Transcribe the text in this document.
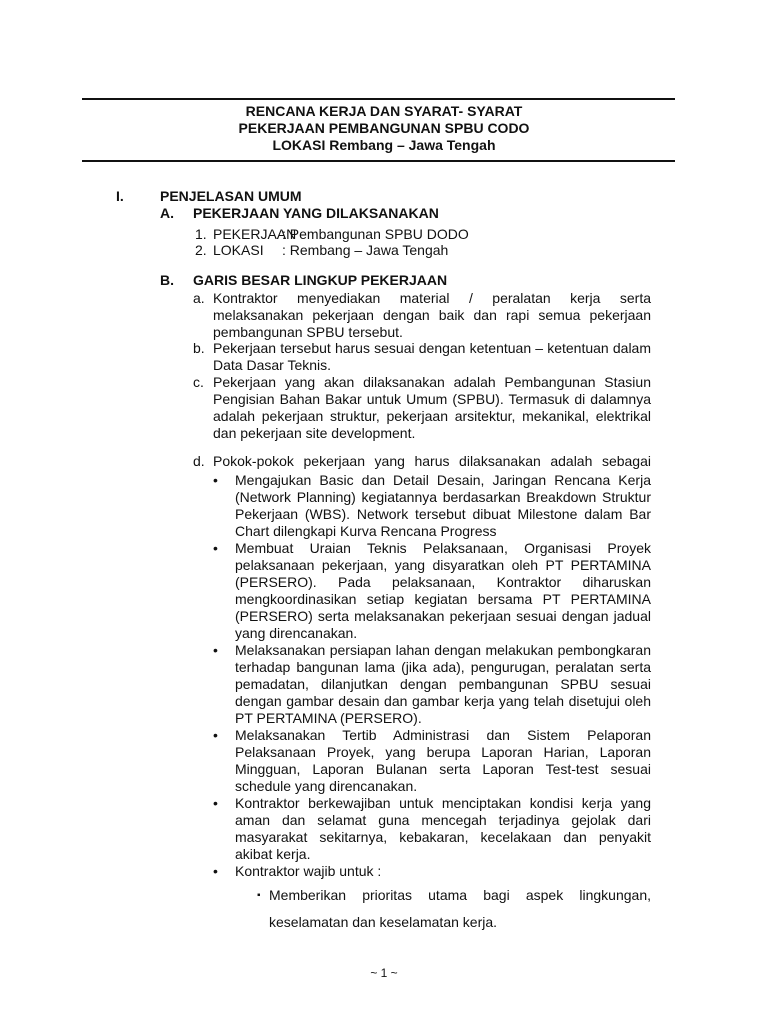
RENCANA KERJA DAN SYARAT- SYARAT
PEKERJAAN PEMBANGUNAN SPBU CODO
LOKASI Rembang – Jawa Tengah
I.	PENJELASAN UMUM
A. PEKERJAAN YANG DILAKSANAKAN
1. PEKERJAAN: Pembangunan SPBU DODO
2. LOKASI : Rembang – Jawa Tengah
B. GARIS BESAR LINGKUP PEKERJAAN
a. Kontraktor menyediakan material / peralatan kerja serta melaksanakan pekerjaan dengan baik dan rapi semua pekerjaan pembangunan SPBU tersebut.
b. Pekerjaan tersebut harus sesuai dengan ketentuan – ketentuan dalam Data Dasar Teknis.
c. Pekerjaan yang akan dilaksanakan adalah Pembangunan Stasiun Pengisian Bahan Bakar untuk Umum (SPBU). Termasuk di dalamnya adalah pekerjaan struktur, pekerjaan arsitektur, mekanikal, elektrikal dan pekerjaan site development.
d. Pokok-pokok pekerjaan yang harus dilaksanakan adalah sebagai
• Mengajukan Basic dan Detail Desain, Jaringan Rencana Kerja (Network Planning) kegiatannya berdasarkan Breakdown Struktur Pekerjaan (WBS). Network tersebut dibuat Milestone dalam Bar Chart dilengkapi Kurva Rencana Progress
• Membuat Uraian Teknis Pelaksanaan, Organisasi Proyek pelaksanaan pekerjaan, yang disyaratkan oleh PT PERTAMINA (PERSERO). Pada pelaksanaan, Kontraktor diharuskan mengkoordinasikan setiap kegiatan bersama PT PERTAMINA (PERSERO) serta melaksanakan pekerjaan sesuai dengan jadual yang direncanakan.
• Melaksanakan persiapan lahan dengan melakukan pembongkaran terhadap bangunan lama (jika ada), pengurugan, peralatan serta pemadatan, dilanjutkan dengan pembangunan SPBU sesuai dengan gambar desain dan gambar kerja yang telah disetujui oleh PT PERTAMINA (PERSERO).
• Melaksanakan Tertib Administrasi dan Sistem Pelaporan Pelaksanaan Proyek, yang berupa Laporan Harian, Laporan Mingguan, Laporan Bulanan serta Laporan Test-test sesuai schedule yang direncanakan.
• Kontraktor berkewajiban untuk menciptakan kondisi kerja yang aman dan selamat guna mencegah terjadinya gejolak dari masyarakat sekitarnya, kebakaran, kecelakaan dan penyakit akibat kerja.
• Kontraktor wajib untuk :
▪ Memberikan prioritas utama bagi aspek lingkungan, keselamatan dan keselamatan kerja.
~ 1 ~
